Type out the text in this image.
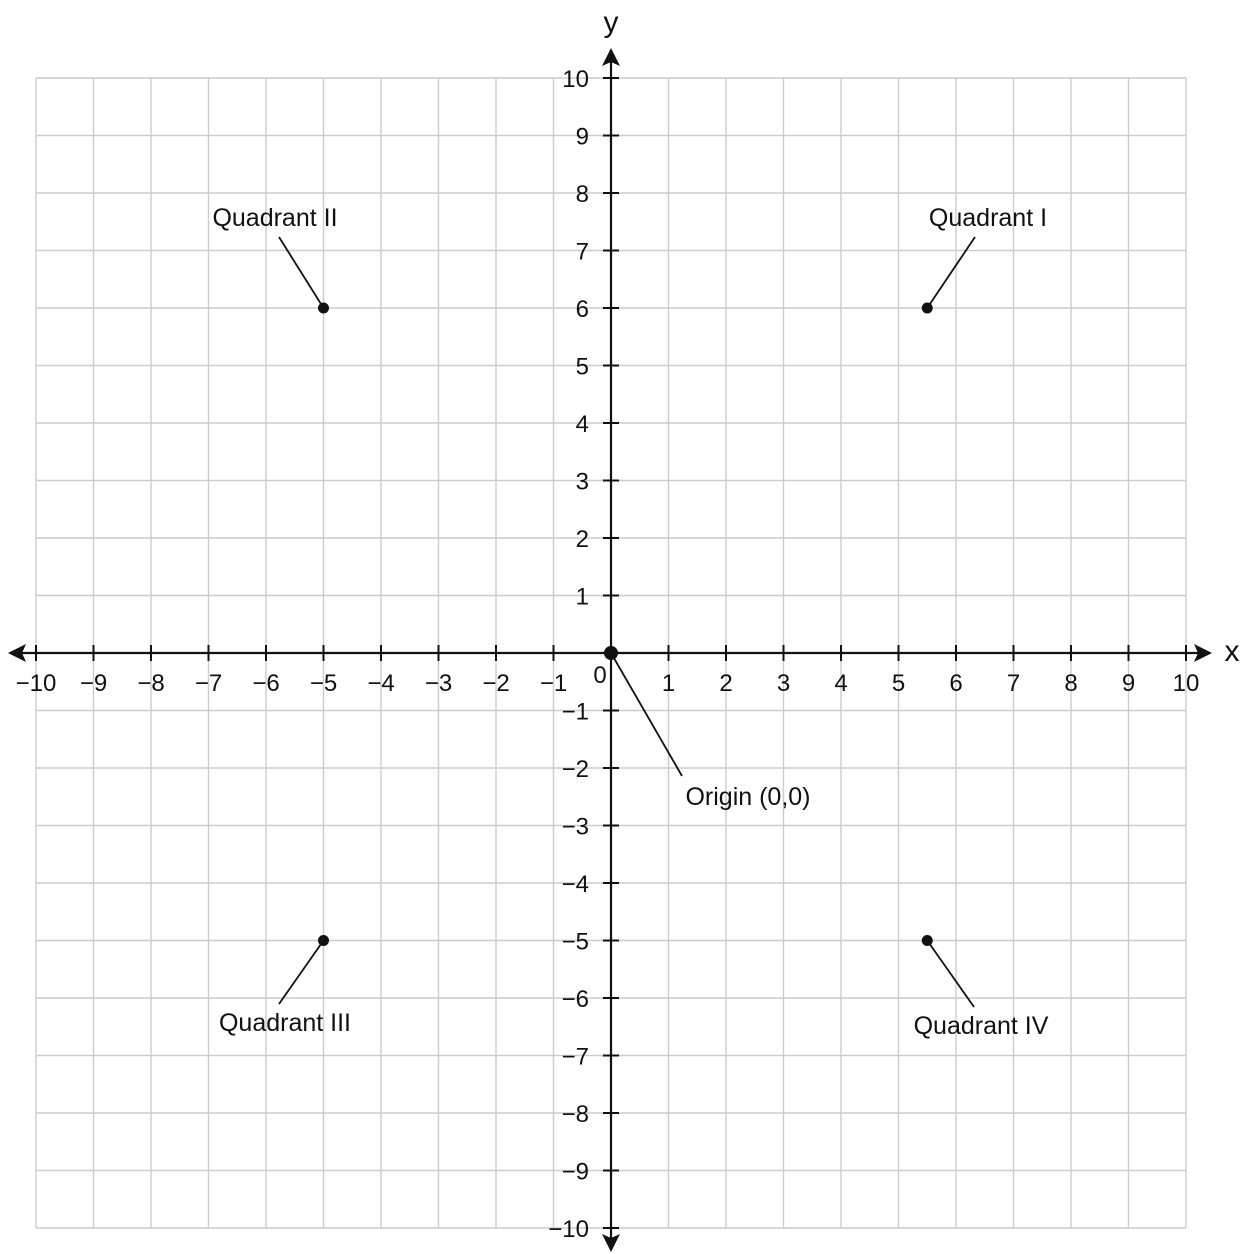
−10 −9 −8 −7 −6 −5 −4 −3 −2 −1	1 2 3 4 5 6 7 8 9 10
−10
−9
−8
−7
−6
−5
−4
−3
−2
−1
1
2
3
4
5
6
7
8
9
10
0
Quadrant I
Quadrant II
Quadrant III	Quadrant IV
Origin (0,0)
x
y
